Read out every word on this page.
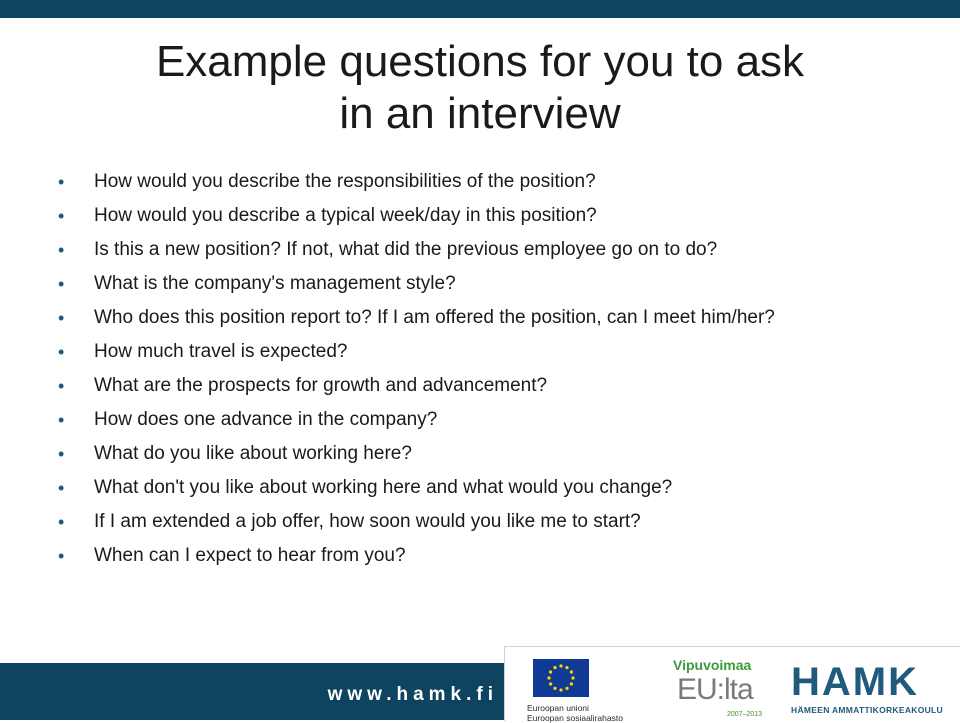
Example questions for you to ask
in an interview
•	How would you describe the responsibilities of the position?
•	How would you describe a typical week/day in this position?
•	Is this a new position? If not, what did the previous employee go on to do?
•	What is the company's management style?
•	Who does this position report to? If I am offered the position, can I meet him/her?
•	How much travel is expected?
•	What are the prospects for growth and advancement?
•	How does one advance in the company?
•	What do you like about working here?
•	What don't you like about working here and what would you change?
•	If I am extended a job offer, how soon would you like me to start?
•	When can I expect to hear from you?
www.hamk.fi
Euroopan unioni
Euroopan sosiaalirahasto
Vipuvoimaa
EU:lta
2007–2013
HAMK
HÄMEEN AMMATTIKORKEAKOULU
